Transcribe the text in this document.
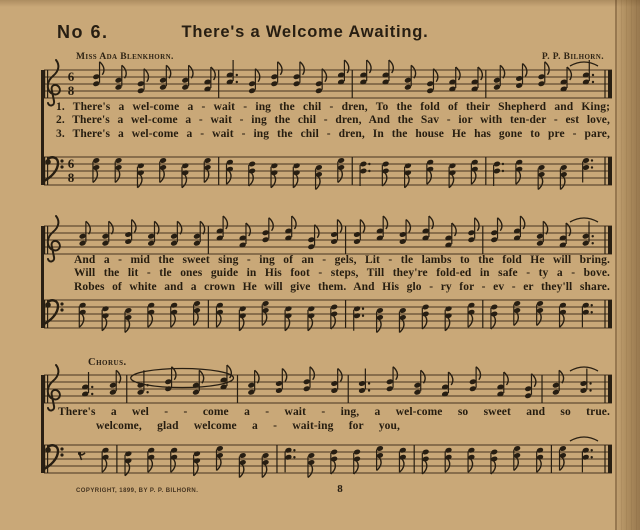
No 6.	There's a Welcome Awaiting.
Miss Ada Blenkhorn.	P. P. Bilhorn.
6
8
6
8
1. There's a wel-come a - wait - ing the chil - dren, To the fold of their Shepherd and King;
2. There's a wel-come a - wait - ing the chil - dren, And the Sav - ior with ten-der - est love,
3. There's a wel-come a - wait - ing the chil - dren, In the house He has gone to pre - pare,
And a - mid the sweet sing - ing of an - gels, Lit - tle lambs to the fold He will bring.
Will the lit - tle ones guide in His foot - steps, Till they're fold-ed in safe - ty a - bove.
Robes of white and a crown He will give them. And His glo - ry for - ev - er they'll share.
Chorus.
There's a wel - - come a - wait - ing, a wel-come so sweet and so true.
welcome, glad welcome a - wait-ing for you,
COPYRIGHT, 1899, BY P. P. BILHORN.	8
